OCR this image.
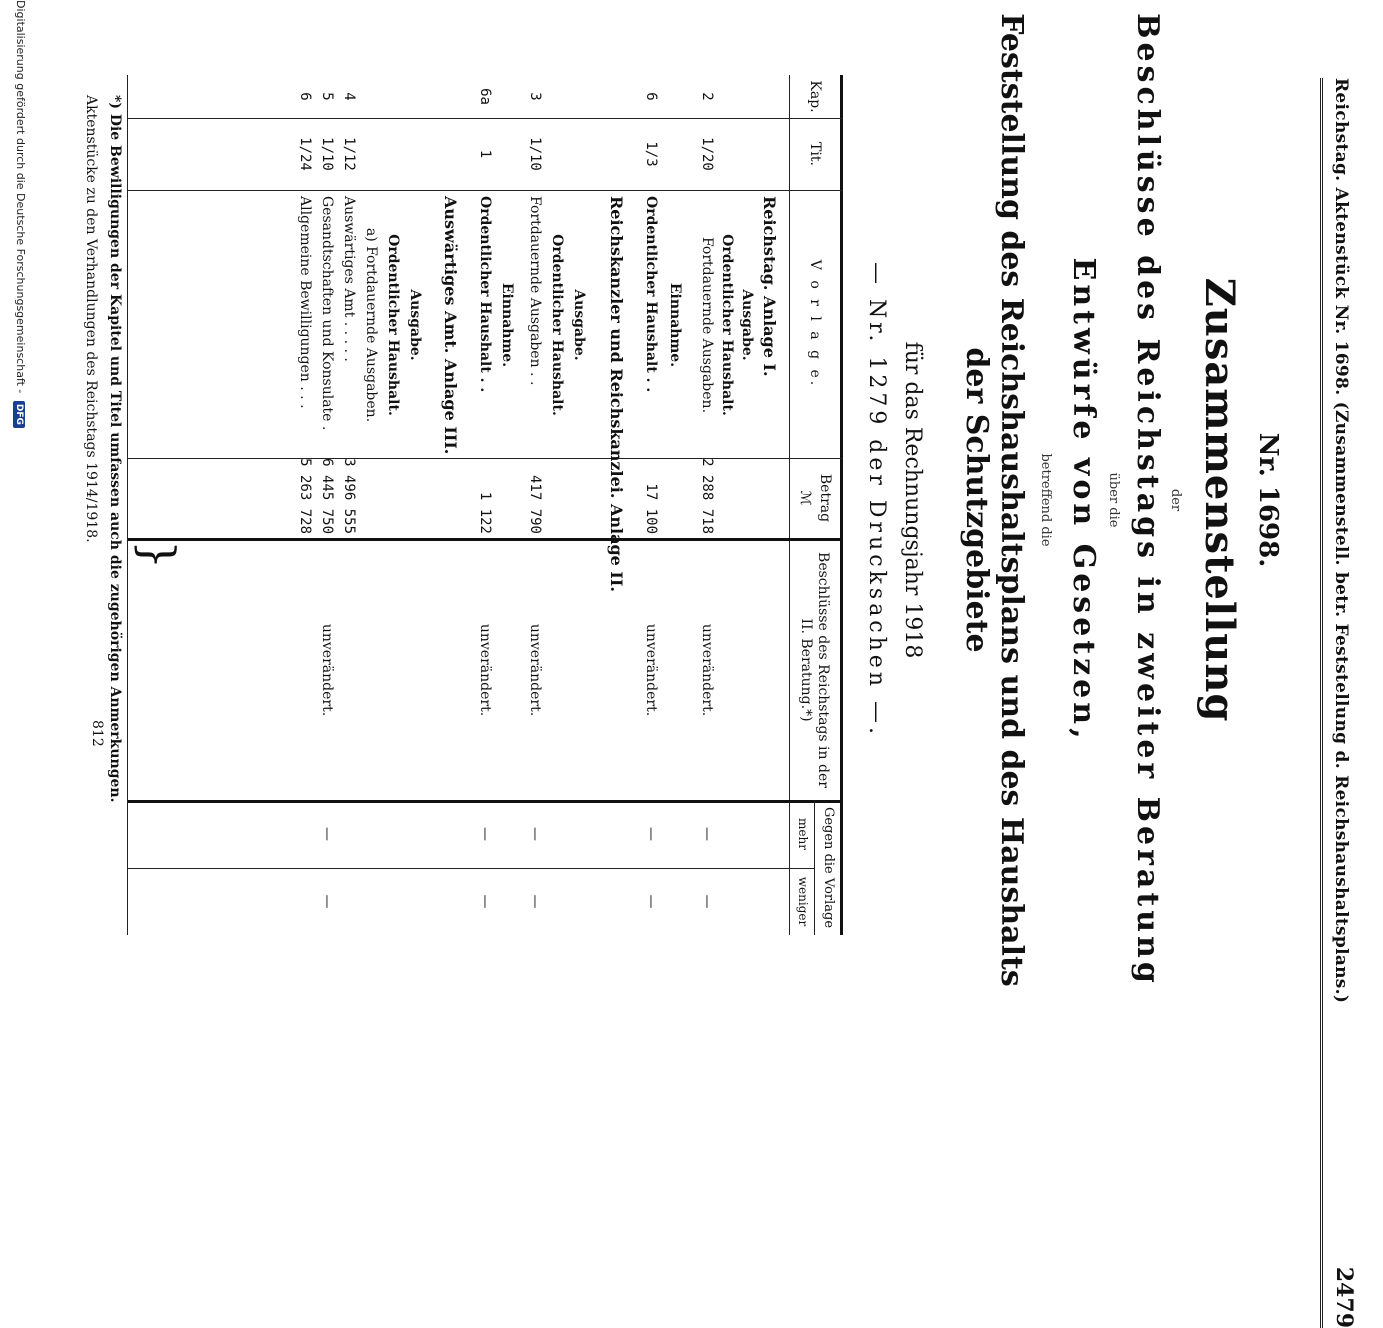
Reichstag. Aktenstück Nr. 1698. (Zusammenstell. betr. Feststellung d. Reichshaushaltsplans.)
2479
Nr. 1698.
Zusammenstellung
der
Beschlüsse des Reichstags in zweiter Beratung
über die
Entwürfe von Gesetzen,
betreffend die
Feststellung des Reichshaushaltsplans und des Haushalts der Schutzgebiete
für das Rechnungsjahr 1918
— Nr. 1279 der Drucksachen —.
Kap.
Tit.
V o r l a g e.
Betrag
ℳ
Beschlüsse des Reichstags in der II. Beratung.*)
Gegen die Vorlage
mehr
weniger
Reichstag. Anlage I.
Ausgabe.
Ordentlicher Haushalt.
2
1/20
Fortdauernde Ausgaben.
2 288 718
unverändert.
—
—
Einnahme.
6
1/3
Ordentlicher Haushalt . .
17 100
unverändert.
—
—
Reichskanzler und Reichskanzlei. Anlage II.
Ausgabe.
Ordentlicher Haushalt.
3
1/10
Fortdauernde Ausgaben . .
417 790
unverändert.
—
—
Einnahme.
6a
1
Ordentlicher Haushalt . .
1 122
unverändert.
—
—
Auswärtiges Amt. Anlage III.
Ausgabe.
Ordentlicher Haushalt.
a) Fortdauernde Ausgaben.
4
1/12
Auswärtiges Amt . . . . .
3 496 555
5
1/10
Gesandtschaften und Konsulate .
6 445 750
unverändert.
—
—
6
1/24
Allgemeine Bewilligungen . . .
5 263 728
}
*) Die Bewilligungen der Kapitel und Titel umfassen auch die zugehörigen Anmerkungen.
Aktenstücke zu den Verhandlungen des Reichstags 1914/1918.
812
Digitalisierung gefördert durch die Deutsche Forschungsgemeinschaft - DFG
